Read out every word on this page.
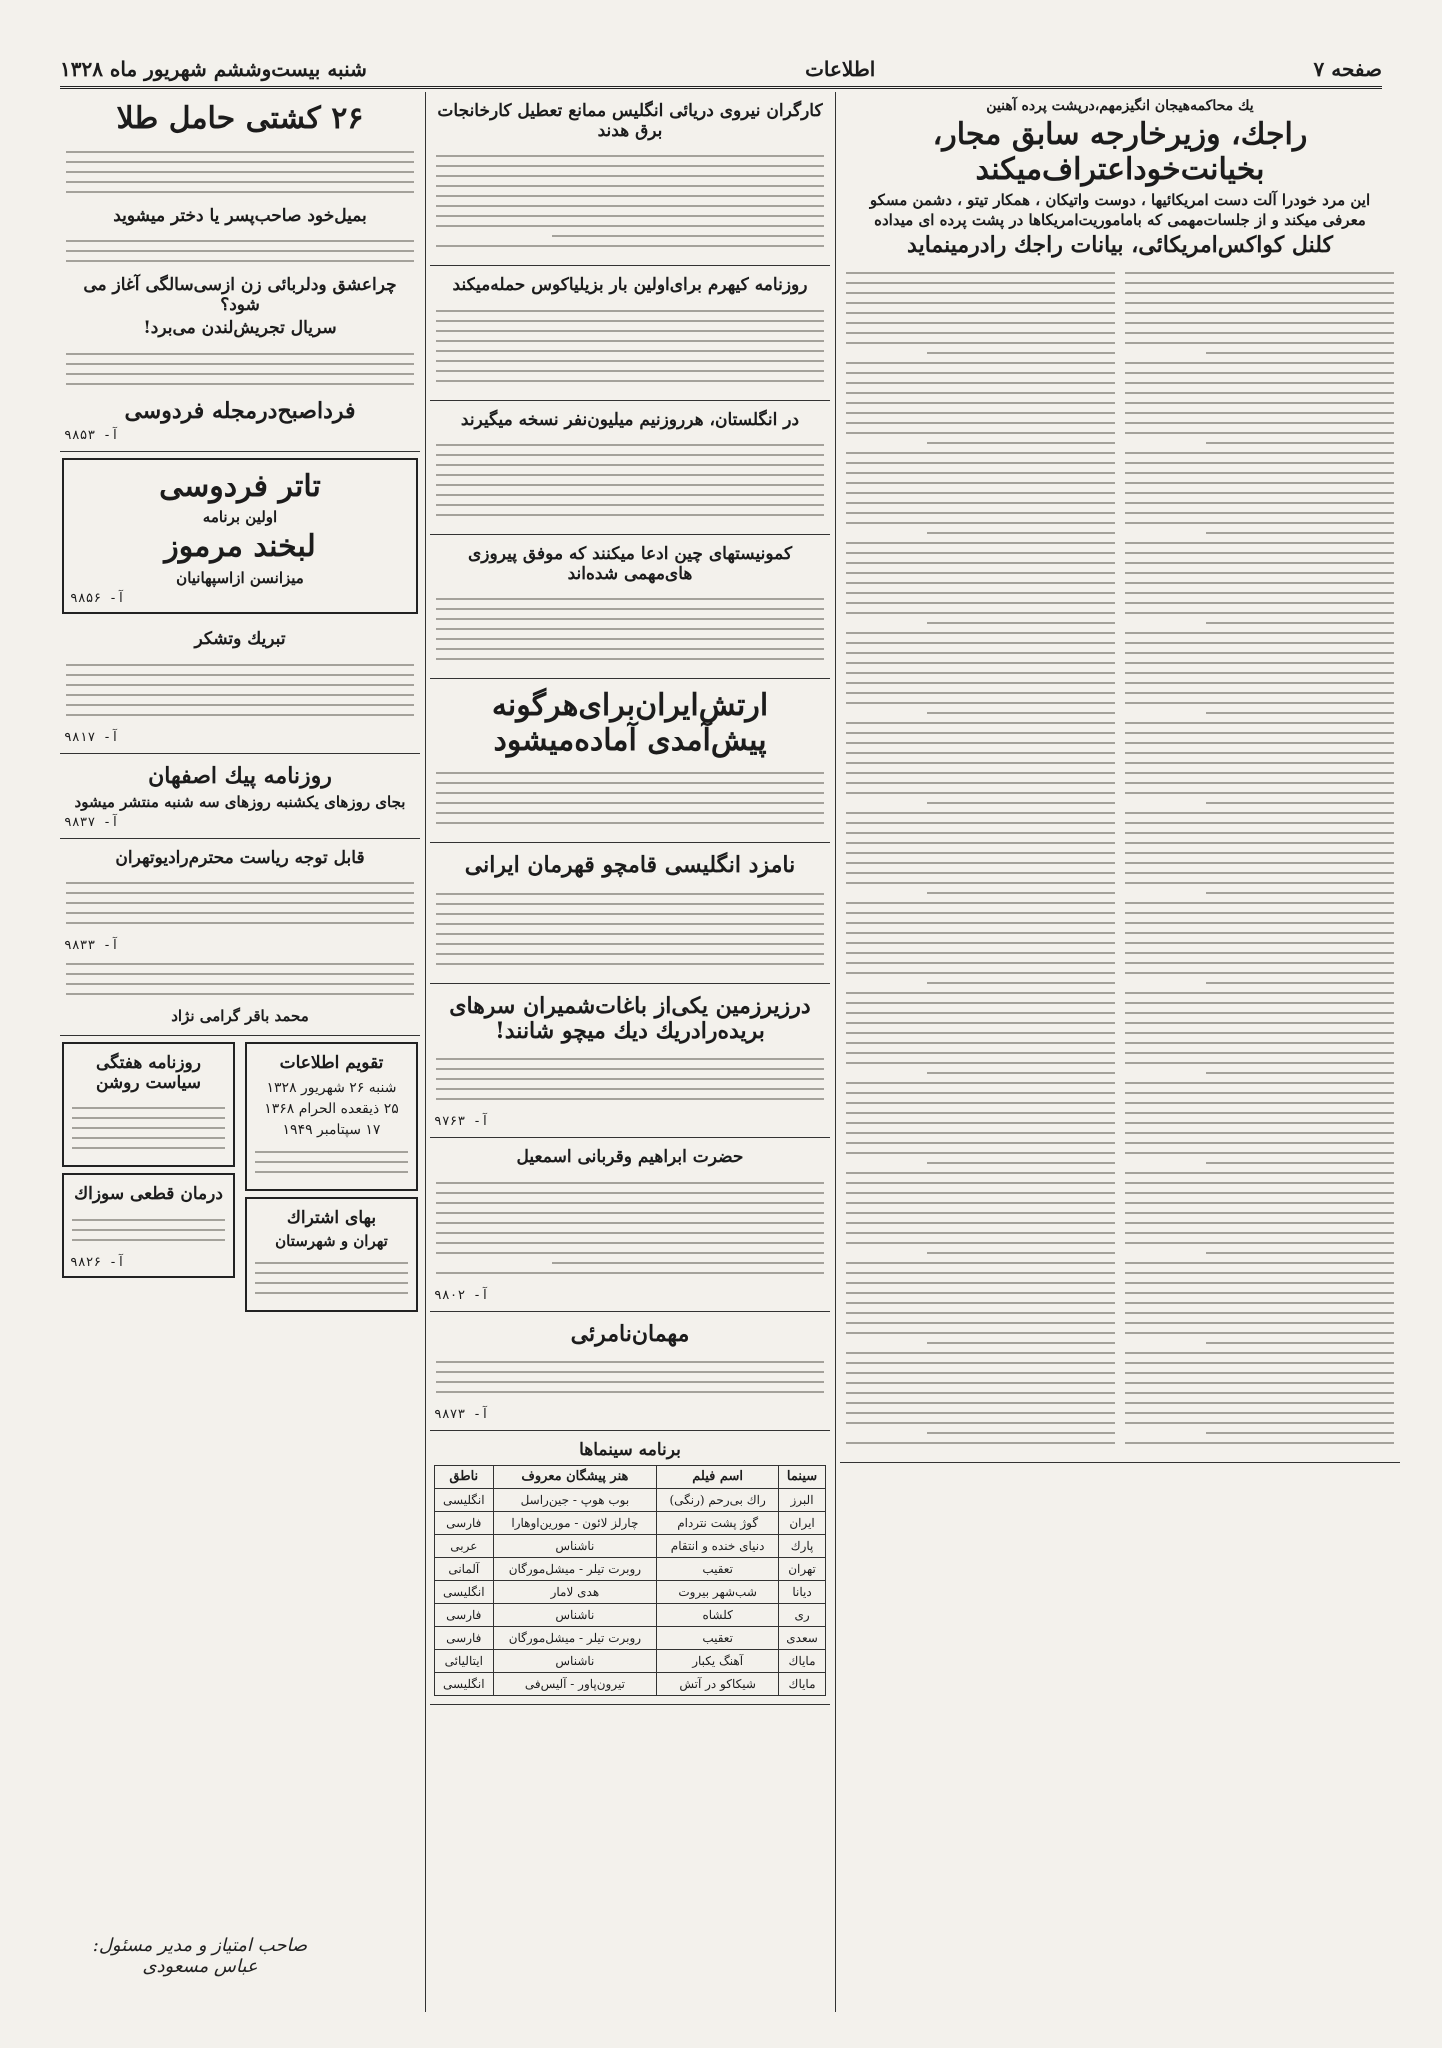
صفحه ۷
اطلاعات
شنبه بیست‌وششم شهریور ماه ۱۳۲۸
یك محاكمه‌هیجان انگیزمهم،در‌پشت پرده آهنین
راجك، وزیرخارجه سابق مجار، بخیانت‌خوداعتراف‌میكند
این مرد خودرا آلت دست امریكائیها ، دوست‌ واتیكان ، همكار تیتو ، دشمن مسكو
معرفی میكند و از جلسات‌مهمی كه باماموریت‌امریكاها در پشت پرده ای میداده
كلنل كواكس‌امریكائی، بیانات راجك رادرمینماید
كارگران نیروی دریائی انگلیس ممانع تعطیل كارخانجات برق هدند
روزنامه كیهرم برای‌اولین بار بزیلیا‌كوس حمله‌میكند
در انگلستان، هرروز‌نیم میلیون‌نفر نسخه میگیرند
كمونیستهای چین ادعا میكنند كه موفق پیروزی های‌مهمی شده‌اند
ارتش‌ایران‌برای‌هرگونه پیش‌آمدی آماده‌میشود
نامزد انگلیسی قامچو قهرمان ایرانی
درزیرزمین یكی‌از باغات‌شمیران سرهای بریده‌را‌در‌یك دیك میچو شانند!
آ- ۹۷۶۳
حضرت ابراهیم وقربانی اسمعیل
آ- ۹۸۰۲
مهمان‌نامرئی
آ- ۹۸۷۳
برنامه سینماها
سینما	اسم فیلم	هنر پیشگان معروف	ناطق
البرز	راك بی‌رحم (رنگی)	بوب هوپ - جین‌راسل	انگلیسی
ایران	گوژ پشت نتردام	چارلز لائون - مورین‌اوهارا	فارسی
پارك	دنیای خنده و انتقام	ناشناس	عربی
تهران	تعقیب	روبرت تیلر - میشل‌مورگان	آلمانی
دیانا	شب‌شهر بیروت	هدی لامار	انگلیسی
ری	كلشاه	ناشناس	فارسی
سعدی	تعقیب	روبرت تیلر - میشل‌مورگان	فارسی
ماياك	آهنگ یكبار	ناشناس	ایتالیائی
مایاك	شیكاكو در آتش	تیرون‌پاور - آلیس‌فی	انگلیسی
۲۶ كشتی حامل طلا
بمیل‌خود صاحب‌پسر یا دختر میشوید
چراعشق ودلربائی زن ازسی‌سالگی آغاز می شود؟
سریال تجریش‌لندن می‌برد!
فرداصبح‌درمجله فردوسی
آ- ۹۸۵۳
تاتر فردوسی
اولین برنامه
لبخند مرموز
میزانسن ازاسپهانیان
آ- ۹۸۵۶
تبریك وتشكر
آ- ۹۸۱۷
روزنامه پیك اصفهان
بجای روزهای یكشنبه روزهای سه شنبه منتشر میشود
آ- ۹۸۳۷
قابل توجه ریاست محترم‌رادیو‌تهران
آ- ۹۸۳۳
محمد باقر گرامی نژاد
تقویم اطلاعات
شنبه ۲۶ شهریور ۱۳۲۸
۲۵ ذیقعده الحرام ۱۳۶۸
۱۷ سپتامبر ۱۹۴۹
بهای اشتراك
تهران و شهرستان
روزنامه هفتگی سیاست روشن
درمان قطعی سوزاك
آ- ۹۸۲۶
صاحب امتیاز و مدیر مسئول: عباس مسعودی
